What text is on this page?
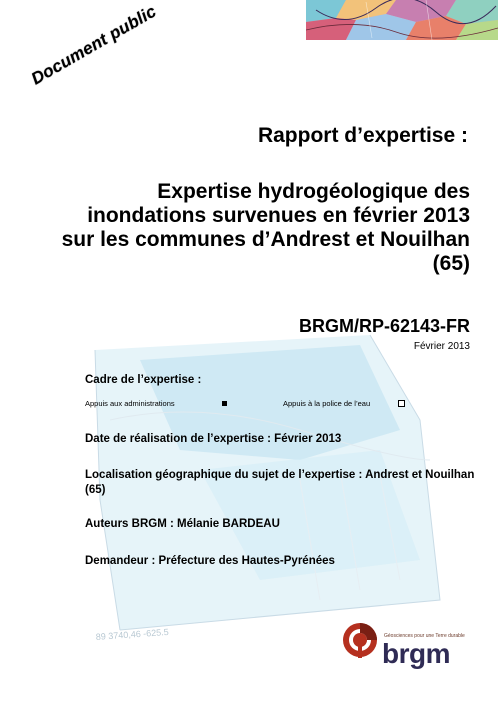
89 3740,46 -625.5
Document public
Rapport d’expertise :
Expertise hydrogéologique des
inondations survenues en février 2013
sur les communes d’Andrest et Nouilhan
(65)
BRGM/RP-62143-FR
Février 2013
Cadre de l’expertise :
Appuis aux administrations	Appuis à la police de l’eau
Date de réalisation de l’expertise : Février 2013
Localisation géographique du sujet de l’expertise : Andrest et Nouilhan (65)
Auteurs BRGM : Mélanie BARDEAU
Demandeur : Préfecture des Hautes-Pyrénées
Géosciences pour une Terre durable
brgm
